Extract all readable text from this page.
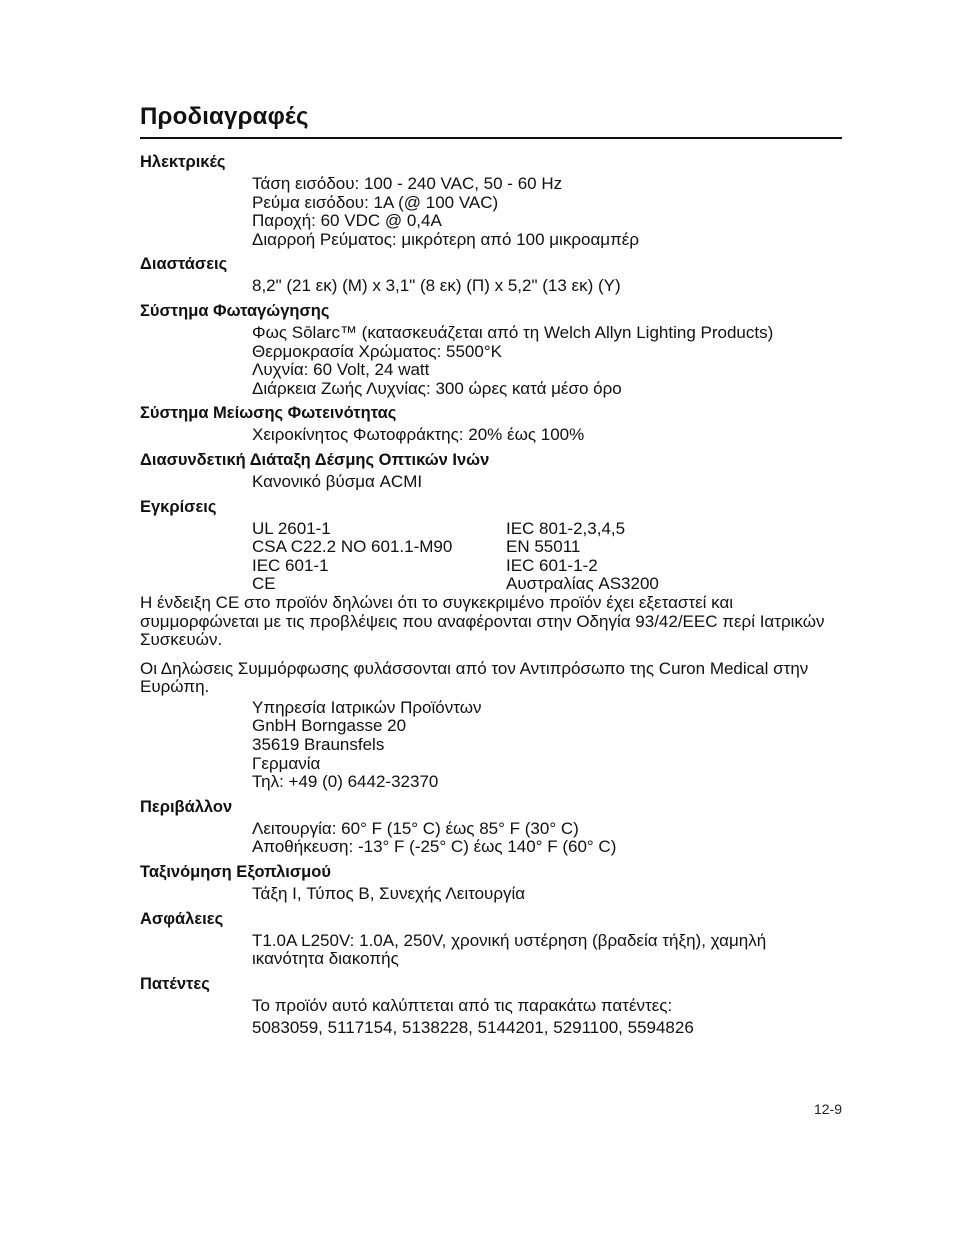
Προδιαγραφές
Ηλεκτρικές
Τάση εισόδου: 100 - 240 VAC, 50 - 60 Hz
Ρεύμα εισόδου: 1A (@ 100 VAC)
Παροχή: 60 VDC @ 0,4A
Διαρροή Ρεύματος: μικρότερη από 100 μικροαμπέρ
Διαστάσεις
8,2" (21 εκ) (Μ) x 3,1" (8 εκ) (Π) x 5,2" (13 εκ) (Υ)
Σύστημα Φωταγώγησης
Φως Sōlarc™ (κατασκευάζεται από τη Welch Allyn Lighting Products)
Θερμοκρασία Χρώματος: 5500°K
Λυχνία: 60 Volt, 24 watt
Διάρκεια Ζωής Λυχνίας: 300 ώρες κατά μέσο όρο
Σύστημα Μείωσης Φωτεινότητας
Χειροκίνητος Φωτοφράκτης: 20% έως 100%
Διασυνδετική Διάταξη Δέσμης Οπτικών Ινών
Κανονικό βύσμα ACMI
Εγκρίσεις
UL 2601-1	IEC 801-2,3,4,5
CSA C22.2 NO 601.1-M90	EN 55011
IEC 601-1	IEC 601-1-2
CE	Αυστραλίας AS3200
Η ένδειξη CE στο προϊόν δηλώνει ότι το συγκεκριμένο προϊόν έχει εξεταστεί και συμμορφώνεται με τις προβλέψεις που αναφέρονται στην Οδηγία 93/42/EEC περί Ιατρικών Συσκευών.
Οι Δηλώσεις Συμμόρφωσης φυλάσσονται από τον Αντιπρόσωπο της Curon Medical στην Ευρώπη.
Υπηρεσία Ιατρικών Προϊόντων
GnbH Borngasse 20
35619 Braunsfels
Γερμανία
Τηλ: +49 (0) 6442-32370
Περιβάλλον
Λειτουργία: 60° F (15° C) έως 85° F (30° C)
Αποθήκευση: -13° F (-25° C) έως 140° F (60° C)
Ταξινόμηση Εξοπλισμού
Τάξη I, Τύπος B, Συνεχής Λειτουργία
Ασφάλειες
T1.0A L250V: 1.0A, 250V, χρονική υστέρηση (βραδεία τήξη), χαμηλή ικανότητα διακοπής
Πατέντες
Το προϊόν αυτό καλύπτεται από τις παρακάτω πατέντες:
5083059, 5117154, 5138228, 5144201, 5291100, 5594826
12-9
